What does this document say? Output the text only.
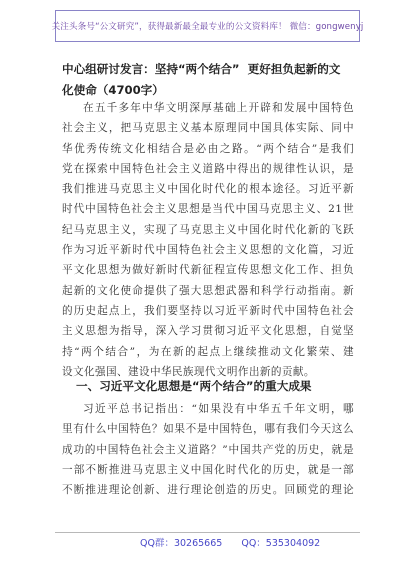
关注头条号“公文研究”，获得最新最全最专业的公文资料库！ 微信：gongwenyj
中心组研讨发言：坚持“两个结合”  更好担负起新的文
化使命（4700字）
在五千多年中华文明深厚基础上开辟和发展中国特色
社会主义，把马克思主义基本原理同中国具体实际、同中
华优秀传统文化相结合是必由之路。“两个结合”是我们
党在探索中国特色社会主义道路中得出的规律性认识，是
我们推进马克思主义中国化时代化的根本途径。习近平新
时代中国特色社会主义思想是当代中国马克思主义、21世
纪马克思主义，实现了马克思主义中国化时代化新的飞跃
作为习近平新时代中国特色社会主义思想的文化篇，习近
平文化思想为做好新时代新征程宣传思想文化工作、担负
起新的文化使命提供了强大思想武器和科学行动指南。新
的历史起点上，我们要坚持以习近平新时代中国特色社会
主义思想为指导，深入学习贯彻习近平文化思想，自觉坚
持“两个结合”，为在新的起点上继续推动文化繁荣、建
设文化强国、建设中华民族现代文明作出新的贡献。
一、习近平文化思想是“两个结合”的重大成果
习近平总书记指出：“如果没有中华五千年文明，哪
里有什么中国特色？如果不是中国特色，哪有我们今天这么
成功的中国特色社会主义道路？”中国共产党的历史，就是
一部不断推进马克思主义中国化时代化的历史，就是一部
不断推进理论创新、进行理论创造的历史。回顾党的理论
QQ群：30265665 QQ：535304092
